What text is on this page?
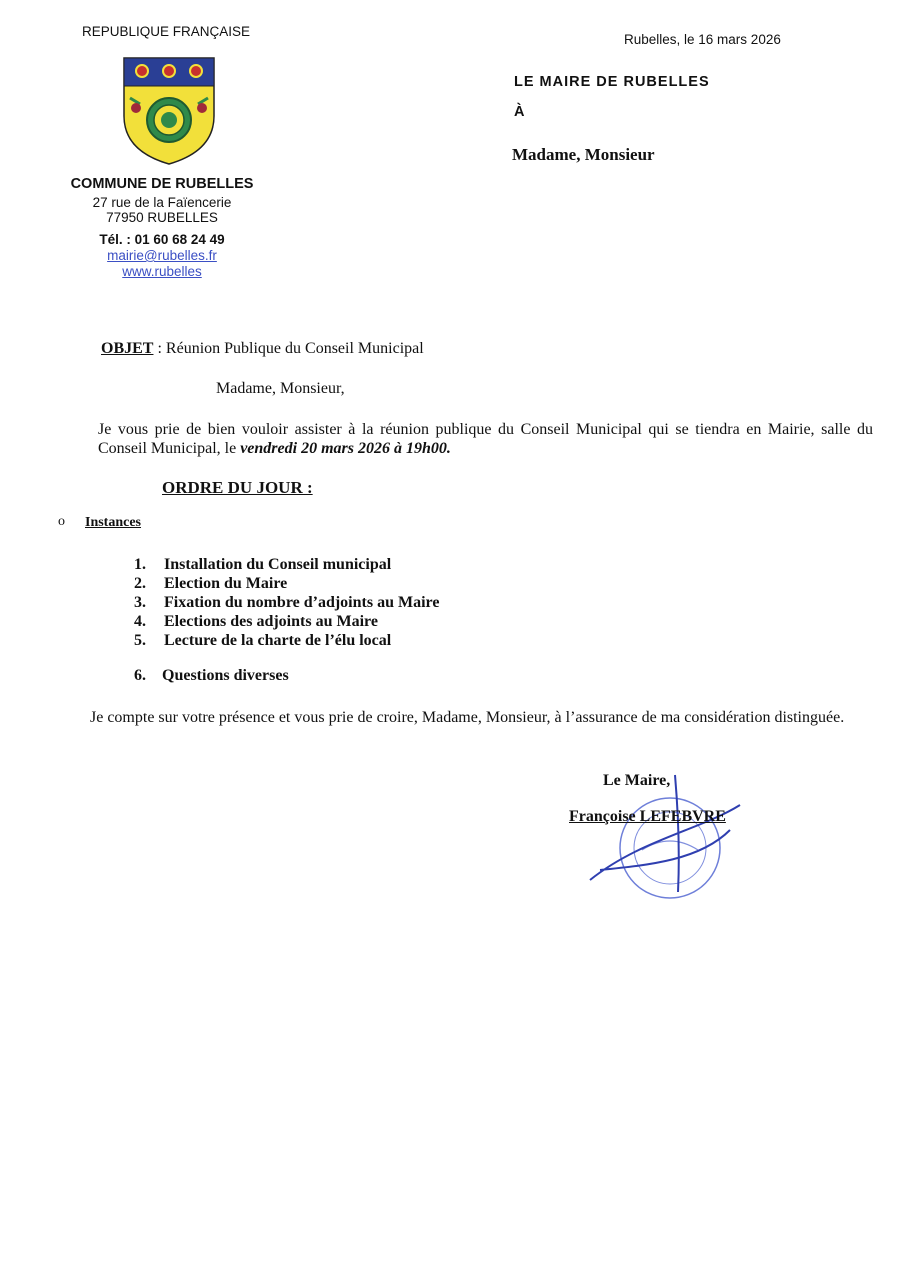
REPUBLIQUE FRANÇAISE
COMMUNE DE RUBELLES
27 rue de la Faïencerie
77950 RUBELLES
Tél. : 01 60 68 24 49
mairie@rubelles.fr
www.rubelles
Rubelles, le 16 mars 2026
LE MAIRE DE RUBELLES
À
Madame, Monsieur
OBJET : Réunion Publique du Conseil Municipal
Madame, Monsieur,
Je vous prie de bien vouloir assister à la réunion publique du Conseil Municipal qui se tiendra en Mairie, salle du Conseil Municipal, le vendredi 20 mars 2026 à 19h00.
ORDRE DU JOUR :
o Instances
1. Installation du Conseil municipal
2. Election du Maire
3. Fixation du nombre d’adjoints au Maire
4. Elections des adjoints au Maire
5. Lecture de la charte de l’élu local
6. Questions diverses
Je compte sur votre présence et vous prie de croire, Madame, Monsieur, à l’assurance de ma considération distinguée.
Le Maire,
Françoise LEFEBVRE
